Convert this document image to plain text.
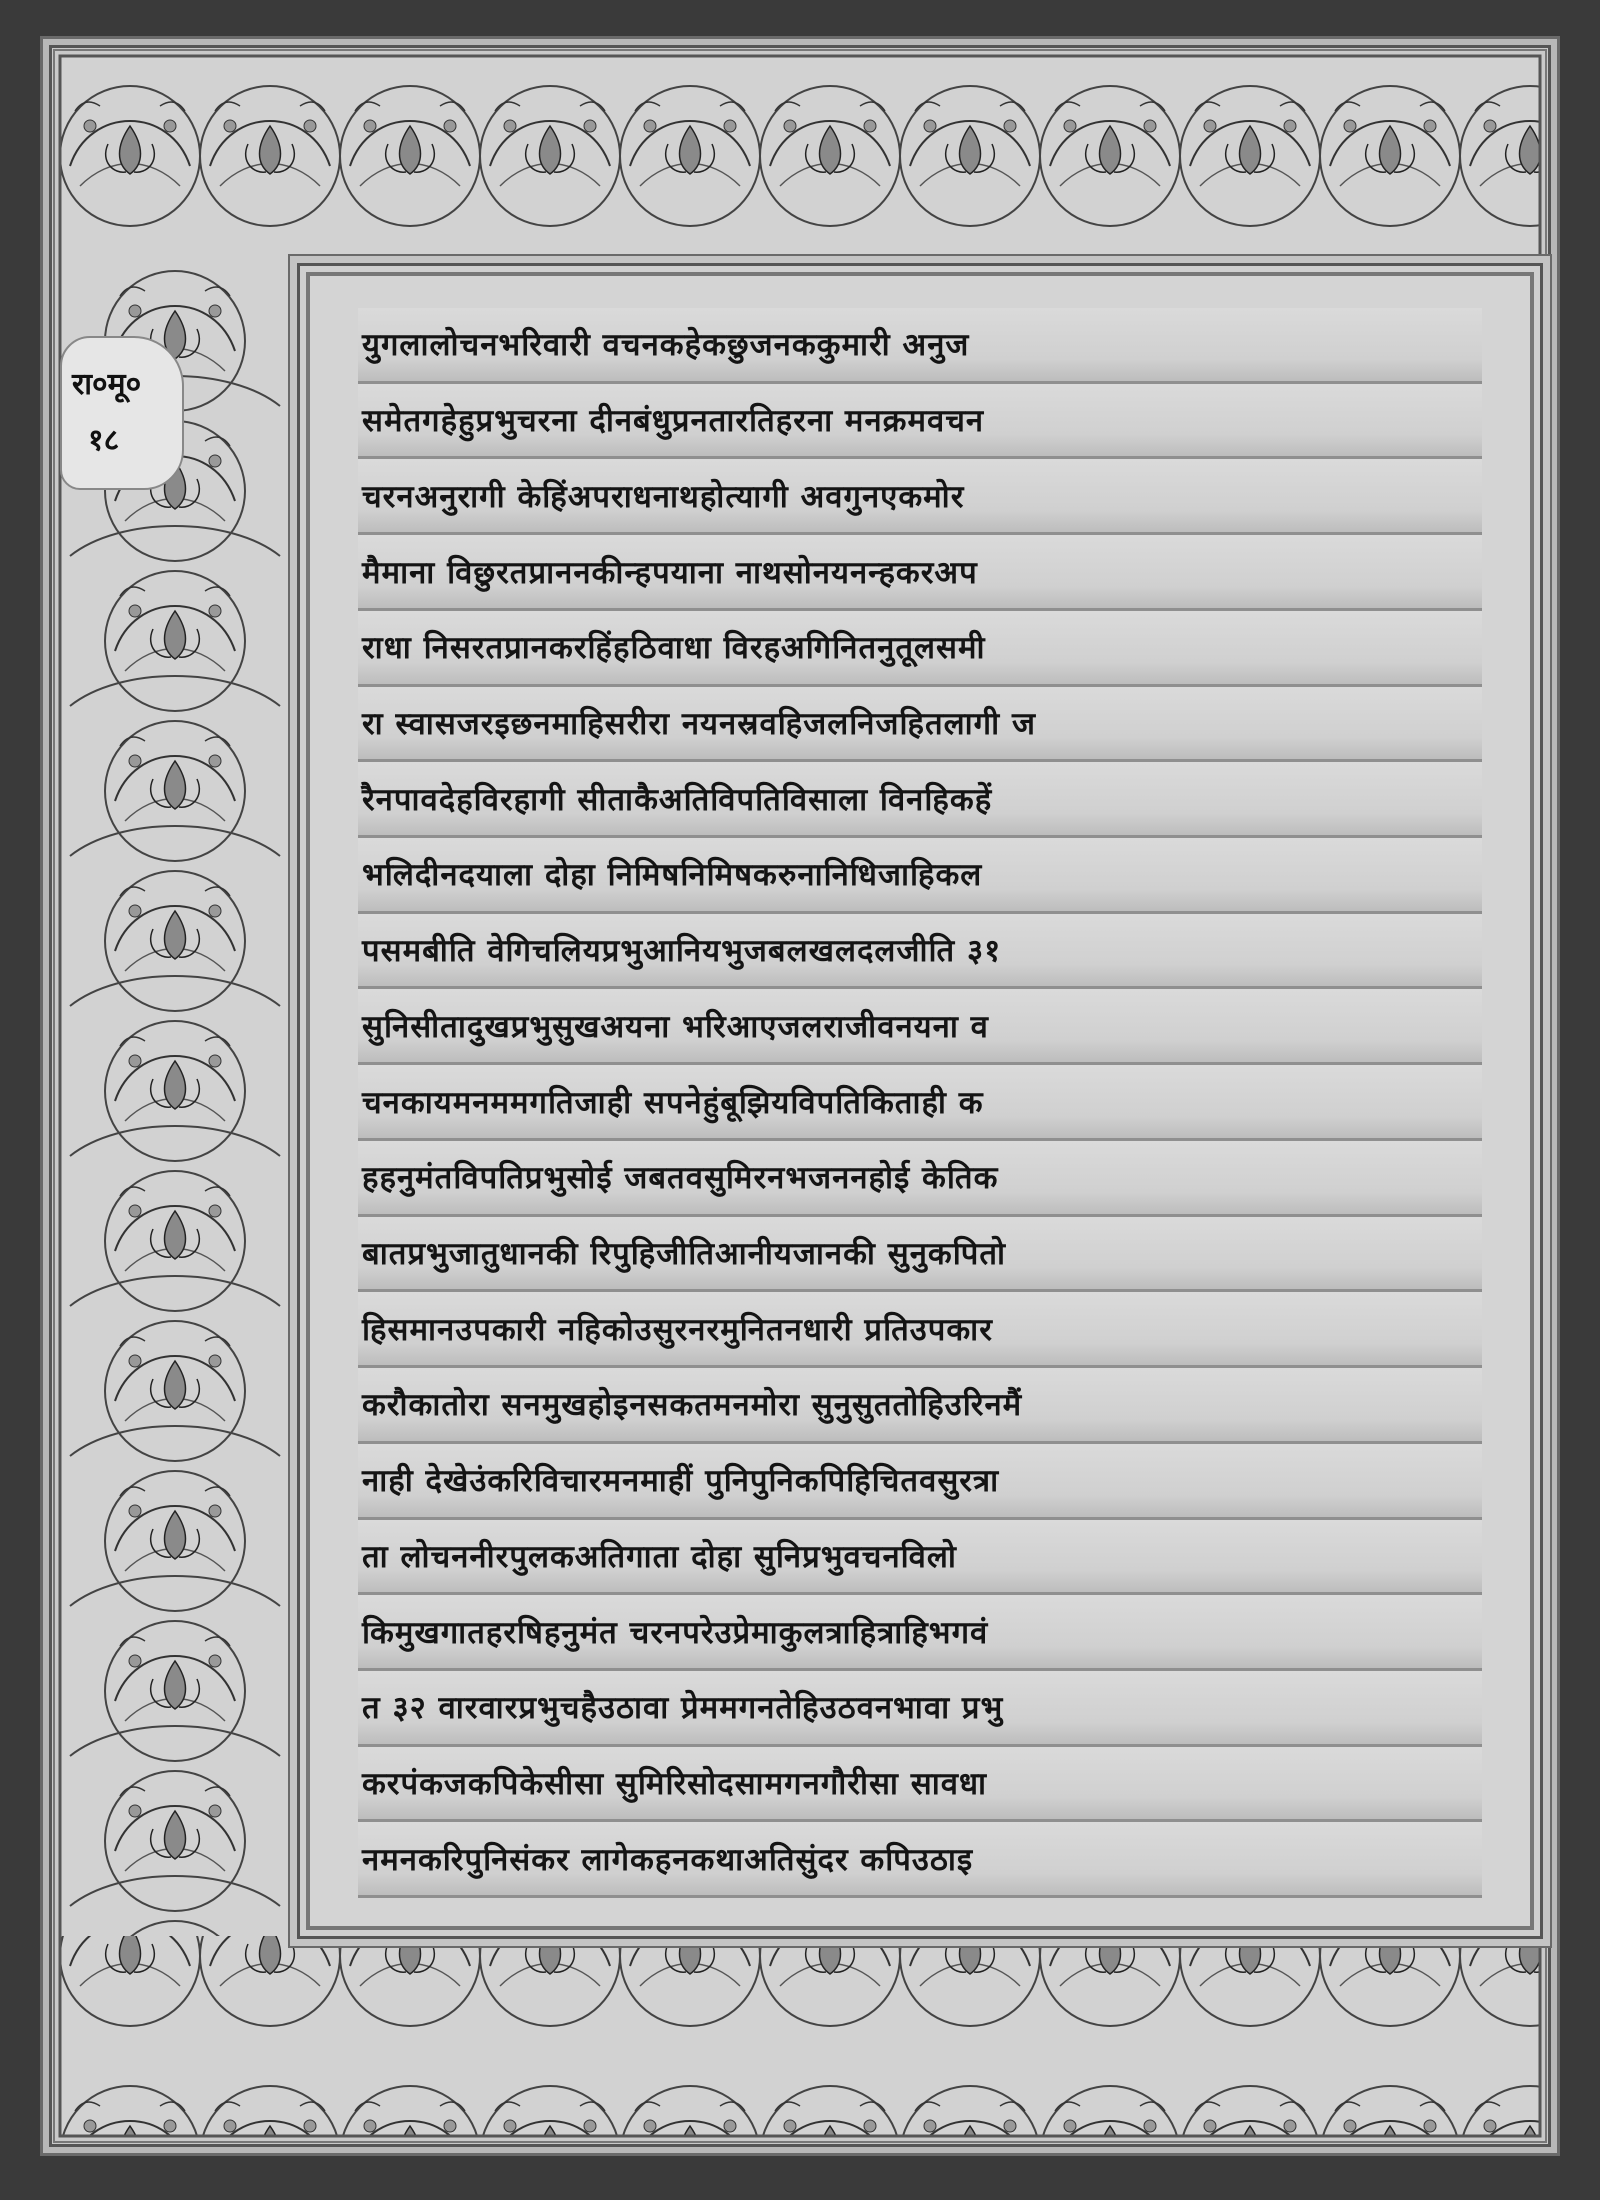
रा०मू०
१८
युगलालोचनभरिवारी वचनकहेकछुजनककुमारी अनुज
समेतगहेहुप्रभुचरना दीनबंधुप्रनतारतिहरना मनक्रमवचन
चरनअनुरागी केहिंअपराधनाथहोत्यागी अवगुनएकमोर
मैमाना विछुरतप्राननकीन्हपयाना नाथसोनयनन्हकरअप
राधा निसरतप्रानकरहिंहठिवाधा विरहअगिनितनुतूलसमी
रा स्वासजरइछनमाहिसरीरा नयनस्रवहिजलनिजहितलागी ज
रैनपावदेहविरहागी सीताकैअतिविपतिविसाला विनहिकहें
भलिदीनदयाला दोहा निमिषनिमिषकरुनानिधिजाहिकल
पसमबीति वेगिचलियप्रभुआनियभुजबलखलदलजीति ३१
सुनिसीतादुखप्रभुसुखअयना भरिआएजलराजीवनयना व
चनकायमनममगतिजाही सपनेहुंबूझियविपतिकिताही क
हहनुमंतविपतिप्रभुसोई जबतवसुमिरनभजननहोई केतिक
बातप्रभुजातुधानकी रिपुहिजीतिआनीयजानकी सुनुकपितो
हिसमानउपकारी नहिकोउसुरनरमुनितनधारी प्रतिउपकार
करौकातोरा सनमुखहोइनसकतमनमोरा सुनुसुततोहिउरिनमैं
नाही देखेउंकरिविचारमनमाहीं पुनिपुनिकपिहिचितवसुरत्रा
ता लोचननीरपुलकअतिगाता दोहा सुनिप्रभुवचनविलो
किमुखगातहरषिहनुमंत चरनपरेउप्रेमाकुलत्राहित्राहिभगवं
त ३२ वारवारप्रभुचहैउठावा प्रेममगनतेहिउठवनभावा प्रभु
करपंकजकपिकेसीसा सुमिरिसोदसामगनगौरीसा सावधा
नमनकरिपुनिसंकर लागेकहनकथाअतिसुंदर कपिउठाइ
